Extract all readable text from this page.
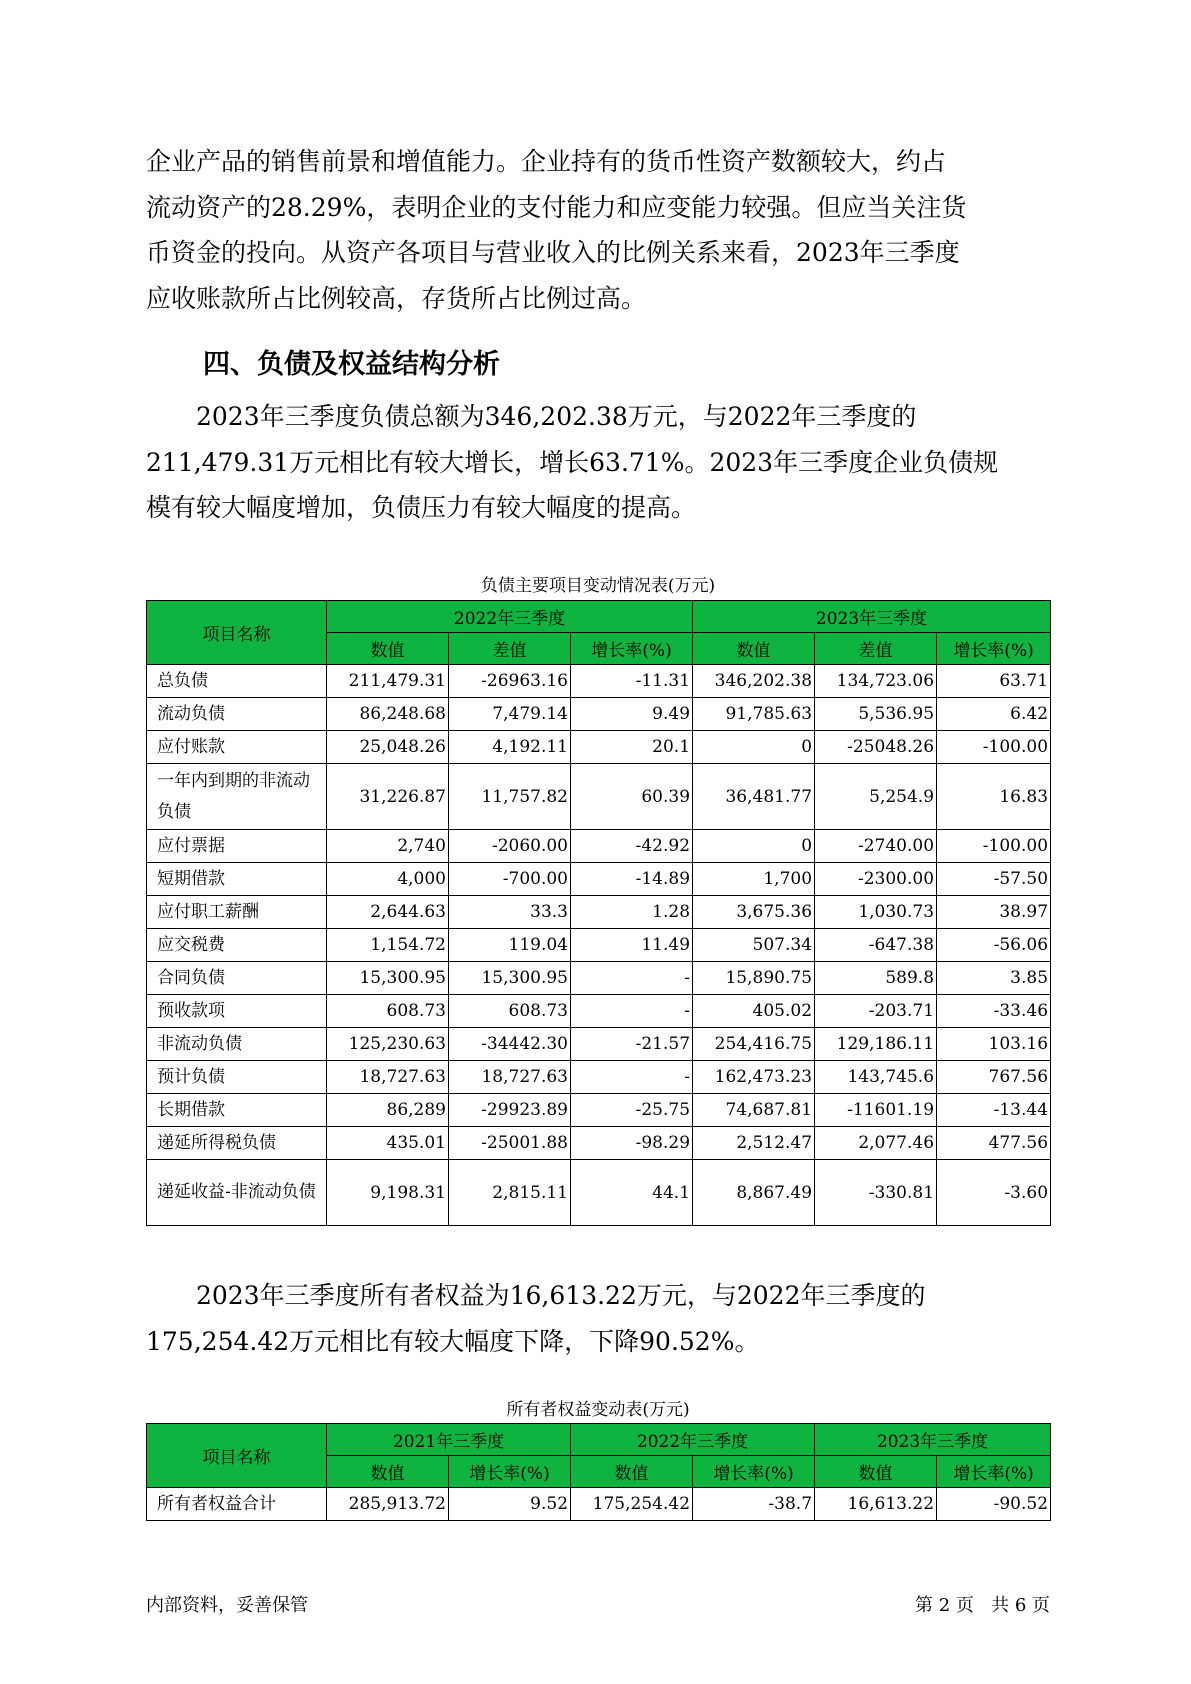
企业产品的销售前景和增值能力。企业持有的货币性资产数额较大，约占

流动资产的28.29%，表明企业的支付能力和应变能力较强。但应当关注货

币资金的投向。从资产各项目与营业收入的比例关系来看，2023年三季度

应收账款所占比例较高，存货所占比例过高。

四、负债及权益结构分析

2023年三季度负债总额为346,202.38万元，与2022年三季度的

211,479.31万元相比有较大增长，增长63.71%。2023年三季度企业负债规

模有较大幅度增加，负债压力有较大幅度的提高。

负债主要项目变动情况表(万元)
项目名称	2022年三季度			2023年三季度		
	数值	差值	增长率(%)	数值	差值	增长率(%)
总负债	211,479.31	-26963.16	-11.31	346,202.38	134,723.06	63.71
流动负债	86,248.68	7,479.14	9.49	91,785.63	5,536.95	6.42
应付账款	25,048.26	4,192.11	20.1	0	-25048.26	-100.00
一年内到期的非流动负债	31,226.87	11,757.82	60.39	36,481.77	5,254.9	16.83
应付票据	2,740	-2060.00	-42.92	0	-2740.00	-100.00
短期借款	4,000	-700.00	-14.89	1,700	-2300.00	-57.50
应付职工薪酬	2,644.63	33.3	1.28	3,675.36	1,030.73	38.97
应交税费	1,154.72	119.04	11.49	507.34	-647.38	-56.06
合同负债	15,300.95	15,300.95	-	15,890.75	589.8	3.85
预收款项	608.73	608.73	-	405.02	-203.71	-33.46
非流动负债	125,230.63	-34442.30	-21.57	254,416.75	129,186.11	103.16
预计负债	18,727.63	18,727.63	-	162,473.23	143,745.6	767.56
长期借款	86,289	-29923.89	-25.75	74,687.81	-11601.19	-13.44
递延所得税负债	435.01	-25001.88	-98.29	2,512.47	2,077.46	477.56
递延收益-非流动负债	9,198.31	2,815.11	44.1	8,867.49	-330.81	-3.60

2023年三季度所有者权益为16,613.22万元，与2022年三季度的

175,254.42万元相比有较大幅度下降，下降90.52%。

所有者权益变动表(万元)
项目名称	2021年三季度		2022年三季度		2023年三季度	
	数值	增长率(%)	数值	增长率(%)	数值	增长率(%)
所有者权益合计	285,913.72	9.52	175,254.42	-38.7	16,613.22	-90.52
内部资料，妥善保管	第 2 页   共 6 页
